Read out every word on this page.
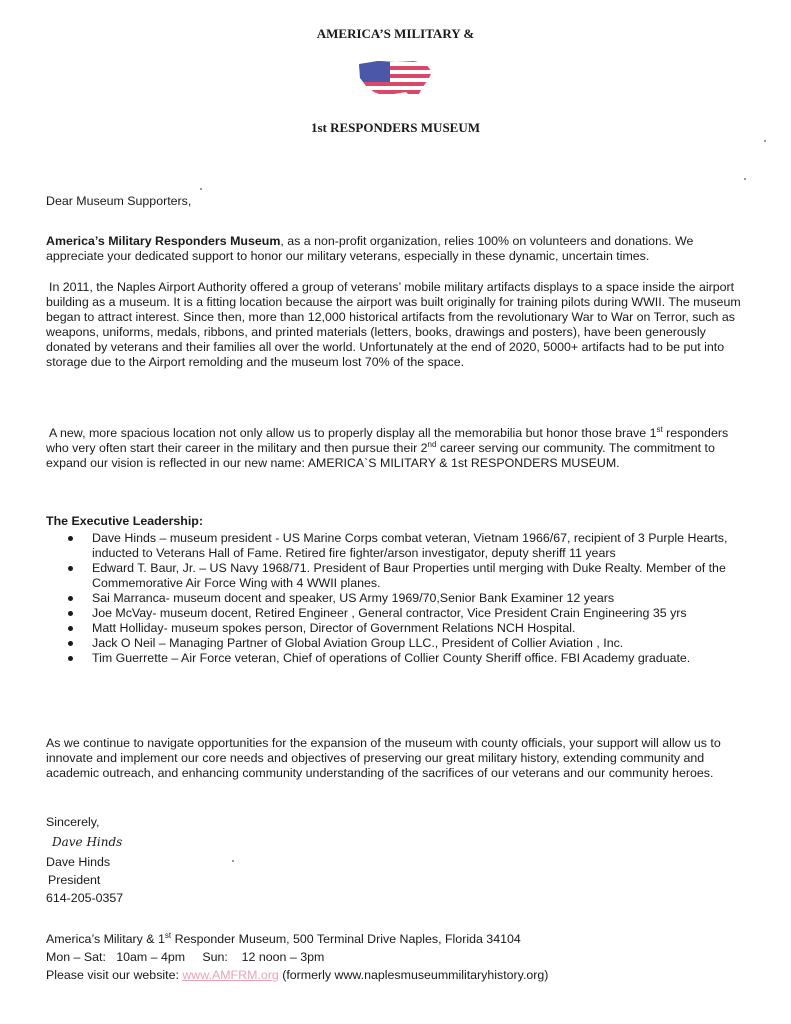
AMERICA’S MILITARY &
1st RESPONDERS MUSEUM
Dear Museum Supporters,
America’s Military Responders Museum, as a non-profit organization, relies 100% on volunteers and donations. We appreciate your dedicated support to honor our military veterans, especially in these dynamic, uncertain times.
In 2011, the Naples Airport Authority offered a group of veterans’ mobile military artifacts displays to a space inside the airport building as a museum. It is a fitting location because the airport was built originally for training pilots during WWII. The museum began to attract interest. Since then, more than 12,000 historical artifacts from the revolutionary War to War on Terror, such as weapons, uniforms, medals, ribbons, and printed materials (letters, books, drawings and posters), have been generously donated by veterans and their families all over the world. Unfortunately at the end of 2020, 5000+ artifacts had to be put into storage due to the Airport remolding and the museum lost 70% of the space.
A new, more spacious location not only allow us to properly display all the memorabilia but honor those brave 1st responders who very often start their career in the military and then pursue their 2nd career serving our community. The commitment to expand our vision is reflected in our new name: AMERICA`S MILITARY & 1st RESPONDERS MUSEUM.
The Executive Leadership:
Dave Hinds – museum president - US Marine Corps combat veteran, Vietnam 1966/67, recipient of 3 Purple Hearts, inducted to Veterans Hall of Fame. Retired fire fighter/arson investigator, deputy sheriff 11 years
Edward T. Baur, Jr. – US Navy 1968/71. President of Baur Properties until merging with Duke Realty. Member of the Commemorative Air Force Wing with 4 WWII planes.
Sai Marranca- museum docent and speaker, US Army 1969/70,Senior Bank Examiner 12 years
Joe McVay- museum docent, Retired Engineer , General contractor, Vice President Crain Engineering 35 yrs
Matt Holliday- museum spokes person, Director of Government Relations NCH Hospital.
Jack O Neil – Managing Partner of Global Aviation Group LLC., President of Collier Aviation , Inc.
Tim Guerrette – Air Force veteran, Chief of operations of Collier County Sheriff office. FBI Academy graduate.
As we continue to navigate opportunities for the expansion of the museum with county officials, your support will allow us to innovate and implement our core needs and objectives of preserving our great military history, extending community and academic outreach, and enhancing community understanding of the sacrifices of our veterans and our community heroes.
Sincerely,
Dave Hinds
Dave Hinds
President
614-205-0357
America’s Military & 1st Responder Museum, 500 Terminal Drive Naples, Florida 34104
Mon – Sat: 10am – 4pm Sun: 12 noon – 3pm
Please visit our website: www.AMFRM.org (formerly www.naplesmuseummilitaryhistory.org)
